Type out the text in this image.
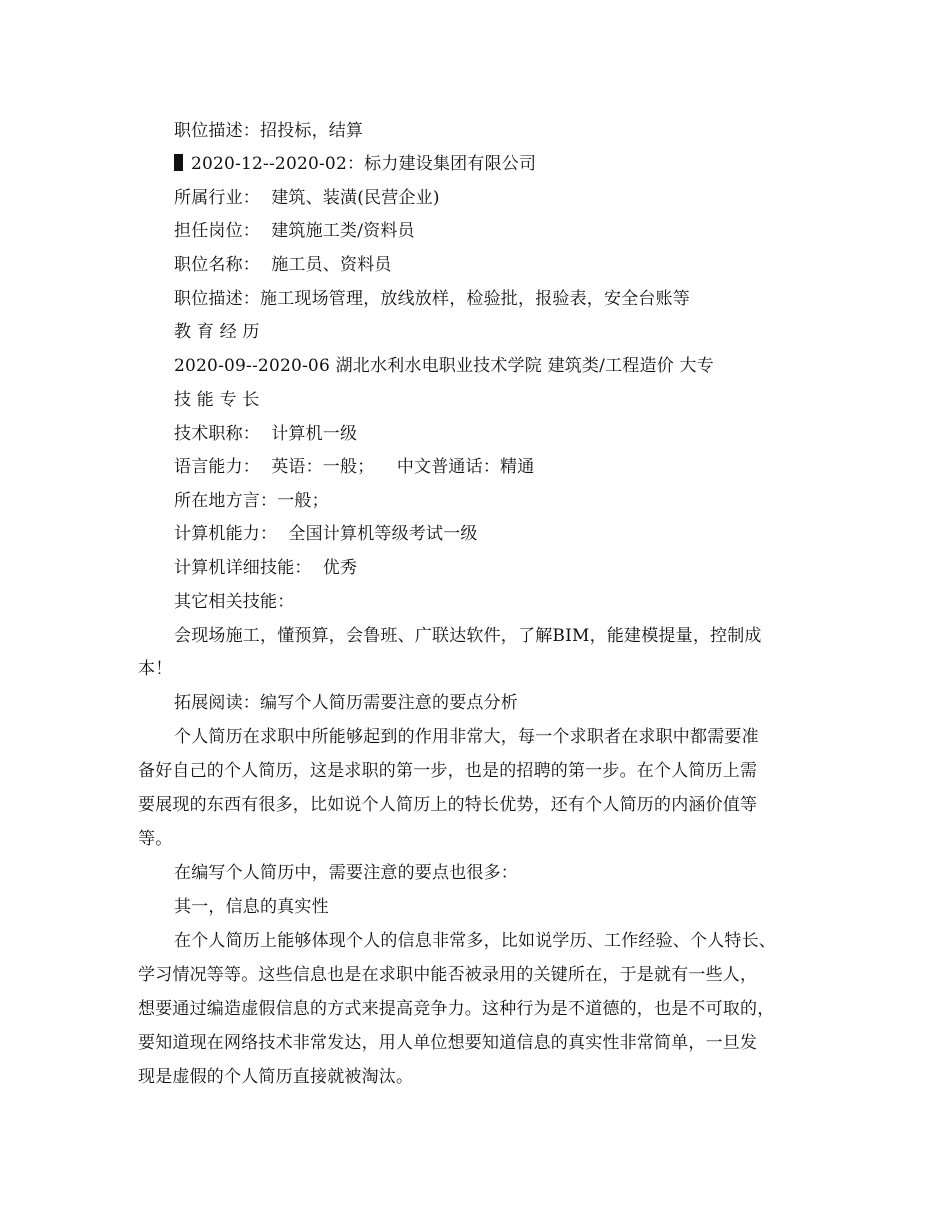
职位描述：招投标，结算
2020-12--2020-02：标力建设集团有限公司
所属行业：  建筑、装潢(民营企业)
担任岗位：  建筑施工类/资料员
职位名称：  施工员、资料员
职位描述：施工现场管理，放线放样，检验批，报验表，安全台账等
教 育 经 历
2020-09--2020-06 湖北水利水电职业技术学院 建筑类/工程造价 大专
技 能 专 长
技术职称：  计算机一级
语言能力：  英语：一般；    中文普通话：精通
所在地方言：一般；
计算机能力：  全国计算机等级考试一级
计算机详细技能：  优秀
其它相关技能：
会现场施工，懂预算，会鲁班、广联达软件，了解BIM，能建模提量，控制成
本！
拓展阅读：编写个人简历需要注意的要点分析
个人简历在求职中所能够起到的作用非常大，每一个求职者在求职中都需要准
备好自己的个人简历，这是求职的第一步，也是的招聘的第一步。在个人简历上需
要展现的东西有很多，比如说个人简历上的特长优势，还有个人简历的内涵价值等
等。
在编写个人简历中，需要注意的要点也很多：
其一，信息的真实性
在个人简历上能够体现个人的信息非常多，比如说学历、工作经验、个人特长、
学习情况等等。这些信息也是在求职中能否被录用的关键所在，于是就有一些人，
想要通过编造虚假信息的方式来提高竞争力。这种行为是不道德的，也是不可取的，
要知道现在网络技术非常发达，用人单位想要知道信息的真实性非常简单，一旦发
现是虚假的个人简历直接就被淘汰。
